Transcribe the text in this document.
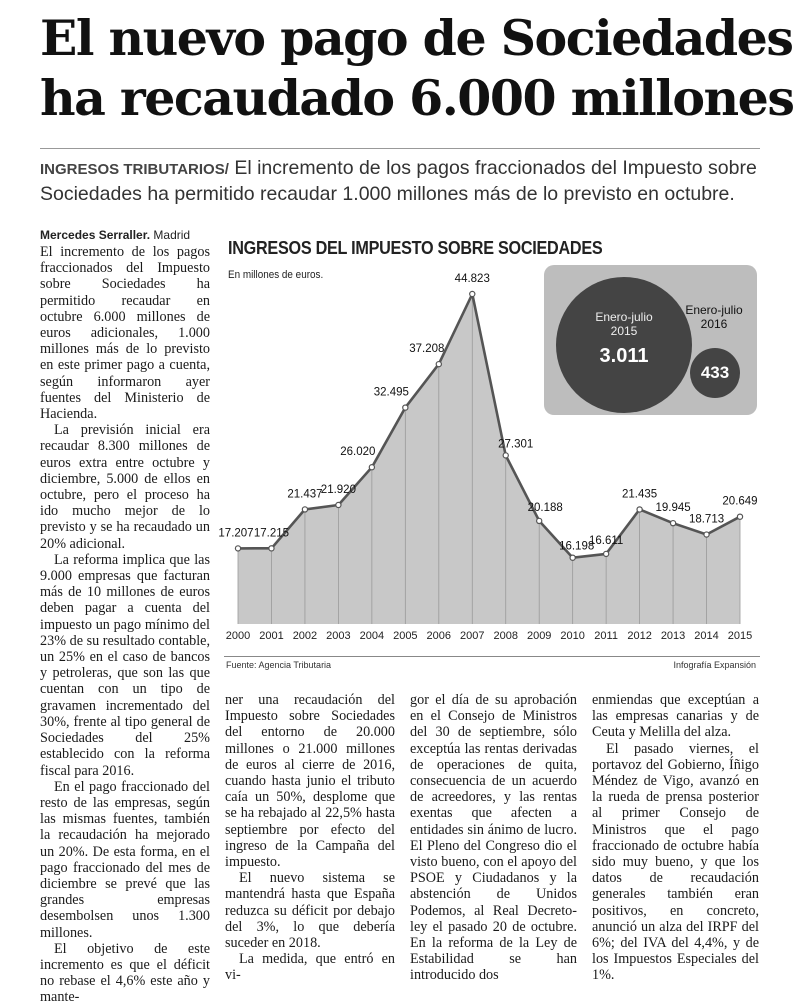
El nuevo pago de Sociedades
ha recaudado 6.000 millones
INGRESOS TRIBUTARIOS/ El incremento de los pagos fraccionados del Impuesto sobre Sociedades ha permitido recaudar 1.000 millones más de lo previsto en octubre.
Mercedes Serraller. Madrid

El incremento de los pagos fraccionados del Impuesto sobre Sociedades ha permitido recaudar en octubre 6.000 millones de euros adicionales, 1.000 millones más de lo previsto en este primer pago a cuenta, según informaron ayer fuentes del Ministerio de Hacienda.

La previsión inicial era recaudar 8.300 millones de euros extra entre octubre y diciembre, 5.000 de ellos en octubre, pero el proceso ha ido mucho mejor de lo previsto y se ha recaudado un 20% adicional.

La reforma implica que las 9.000 empresas que facturan más de 10 millones de euros deben pagar a cuenta del impuesto un pago mínimo del 23% de su resultado contable, un 25% en el caso de bancos y petroleras, que son las que cuentan con un tipo de gravamen incrementado del 30%, frente al tipo general de Sociedades del 25% establecido con la reforma fiscal para 2016.

En el pago fraccionado del resto de las empresas, según las mismas fuentes, también la recaudación ha mejorado un 20%. De esta forma, en el pago fraccionado del mes de diciembre se prevé que las grandes empresas desembolsen unos 1.300 millones.

El objetivo de este incremento es que el déficit no rebase el 4,6% este año y mante-

ner una recaudación del Impuesto sobre Sociedades del entorno de 20.000 millones o 21.000 millones de euros al cierre de 2016, cuando hasta junio el tributo caía un 50%, desplome que se ha rebajado al 22,5% hasta septiembre por efecto del ingreso de la Campaña del impuesto.

El nuevo sistema se mantendrá hasta que España reduzca su déficit por debajo del 3%, lo que debería suceder en 2018.

La medida, que entró en vi-

gor el día de su aprobación en el Consejo de Ministros del 30 de septiembre, sólo exceptúa las rentas derivadas de operaciones de quita, consecuencia de un acuerdo de acreedores, y las rentas exentas que afecten a entidades sin ánimo de lucro. El Pleno del Congreso dio el visto bueno, con el apoyo del PSOE y Ciudadanos y la abstención de Unidos Podemos, al Real Decreto-ley el pasado 20 de octubre. En la reforma de la Ley de Estabilidad se han introducido dos

enmiendas que exceptúan a las empresas canarias y de Ceuta y Melilla del alza.

El pasado viernes, el portavoz del Gobierno, Íñigo Méndez de Vigo, avanzó en la rueda de prensa posterior al primer Consejo de Ministros que el pago fraccionado de octubre había sido muy bueno, y que los datos de recaudación generales también eran positivos, en concreto, anunció un alza del IRPF del 6%; del IVA del 4,4%, y de los Impuestos Especiales del 1%.

INGRESOS DEL IMPUESTO SOBRE SOCIEDADES
En millones de euros.
Enero-julio
2015
3.011
Enero-julio
2016
433
17.207 17.215
21.437
21.920
26.020
32.495
37.208
44.823
27.301
20.188
16.198
16.611
21.435
19.945
18.713
20.649
2000 2001 2002 2003 2004 2005 2006 2007 2008 2009 2010 2011 2012 2013 2014 2015
Fuente: Agencia Tributaria	Infografía Expansión
